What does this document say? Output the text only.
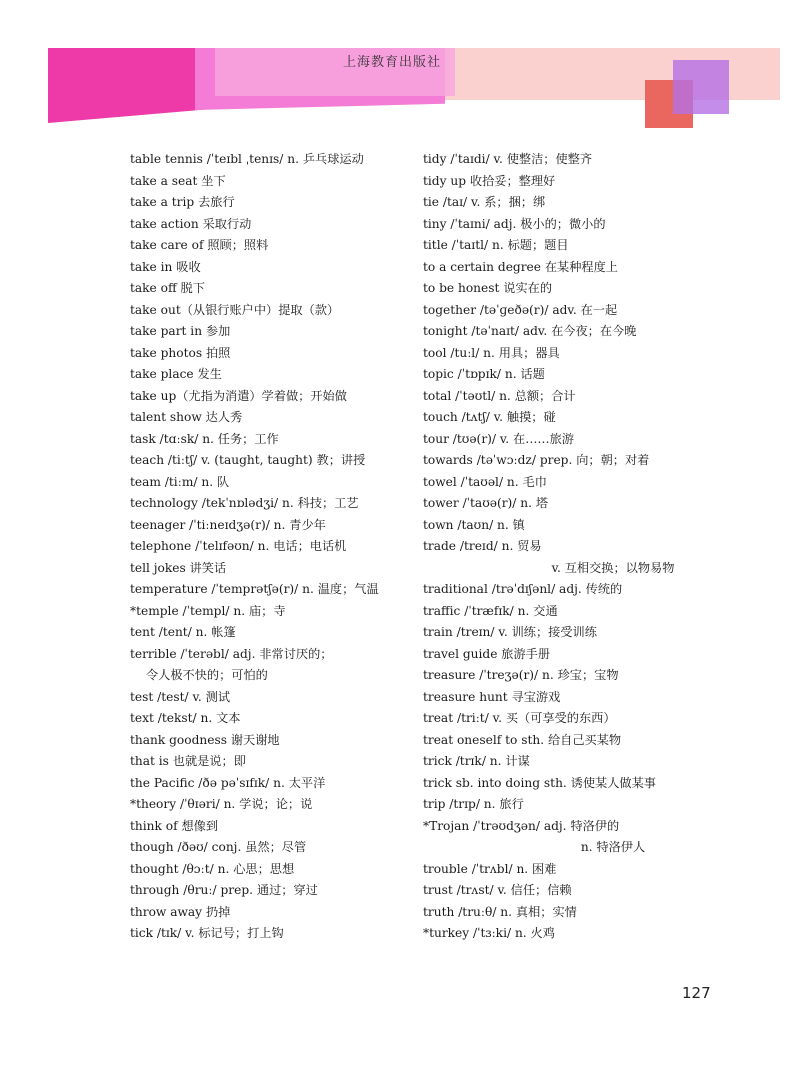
上海教育出版社
table tennis /ˈteɪbl ˌtenɪs/ n. 乒乓球运动
take a seat 坐下
take a trip 去旅行
take action 采取行动
take care of 照顾；照料
take in 吸收
take off 脱下
take out（从银行账户中）提取（款）
take part in 参加
take photos 拍照
take place 发生
take up（尤指为消遣）学着做；开始做
talent show 达人秀
task /tɑːsk/ n. 任务；工作
teach /tiːtʃ/ v. (taught, taught) 教；讲授
team /tiːm/ n. 队
technology /tekˈnɒlədʒi/ n. 科技；工艺
teenager /ˈtiːneɪdʒə(r)/ n. 青少年
telephone /ˈtelɪfəʊn/ n. 电话；电话机
tell jokes 讲笑话
temperature /ˈtemprətʃə(r)/ n. 温度；气温
*temple /ˈtempl/ n. 庙；寺
tent /tent/ n. 帐篷
terrible /ˈterəbl/ adj. 非常讨厌的；
令人极不快的；可怕的
test /test/ v. 测试
text /tekst/ n. 文本
thank goodness 谢天谢地
that is 也就是说；即
the Pacific /ðə pəˈsɪfɪk/ n. 太平洋
*theory /ˈθɪəri/ n. 学说；论；说
think of 想像到
though /ðəʊ/ conj. 虽然；尽管
thought /θɔːt/ n. 心思；思想
through /θruː/ prep. 通过；穿过
throw away 扔掉
tick /tɪk/ v. 标记号；打上钩
tidy /ˈtaɪdi/ v. 使整洁；使整齐
tidy up 收拾妥；整理好
tie /taɪ/ v. 系；捆；绑
tiny /ˈtaɪni/ adj. 极小的；微小的
title /ˈtaɪtl/ n. 标题；题目
to a certain degree 在某种程度上
to be honest 说实在的
together /təˈɡeðə(r)/ adv. 在一起
tonight /təˈnaɪt/ adv. 在今夜；在今晚
tool /tuːl/ n. 用具；器具
topic /ˈtɒpɪk/ n. 话题
total /ˈtəʊtl/ n. 总额；合计
touch /tʌtʃ/ v. 触摸；碰
tour /tʊə(r)/ v. 在……旅游
towards /təˈwɔːdz/ prep. 向；朝；对着
towel /ˈtaʊəl/ n. 毛巾
tower /ˈtaʊə(r)/ n. 塔
town /taʊn/ n. 镇
trade /treɪd/ n. 贸易
v. 互相交换；以物易物
traditional /trəˈdɪʃənl/ adj. 传统的
traffic /ˈtræfɪk/ n. 交通
train /treɪn/ v. 训练；接受训练
travel guide 旅游手册
treasure /ˈtreʒə(r)/ n. 珍宝；宝物
treasure hunt 寻宝游戏
treat /triːt/ v. 买（可享受的东西）
treat oneself to sth. 给自己买某物
trick /trɪk/ n. 计谋
trick sb. into doing sth. 诱使某人做某事
trip /trɪp/ n. 旅行
*Trojan /ˈtrəʊdʒən/ adj. 特洛伊的
n. 特洛伊人
trouble /ˈtrʌbl/ n. 困难
trust /trʌst/ v. 信任；信赖
truth /truːθ/ n. 真相；实情
*turkey /ˈtɜːki/ n. 火鸡
127
